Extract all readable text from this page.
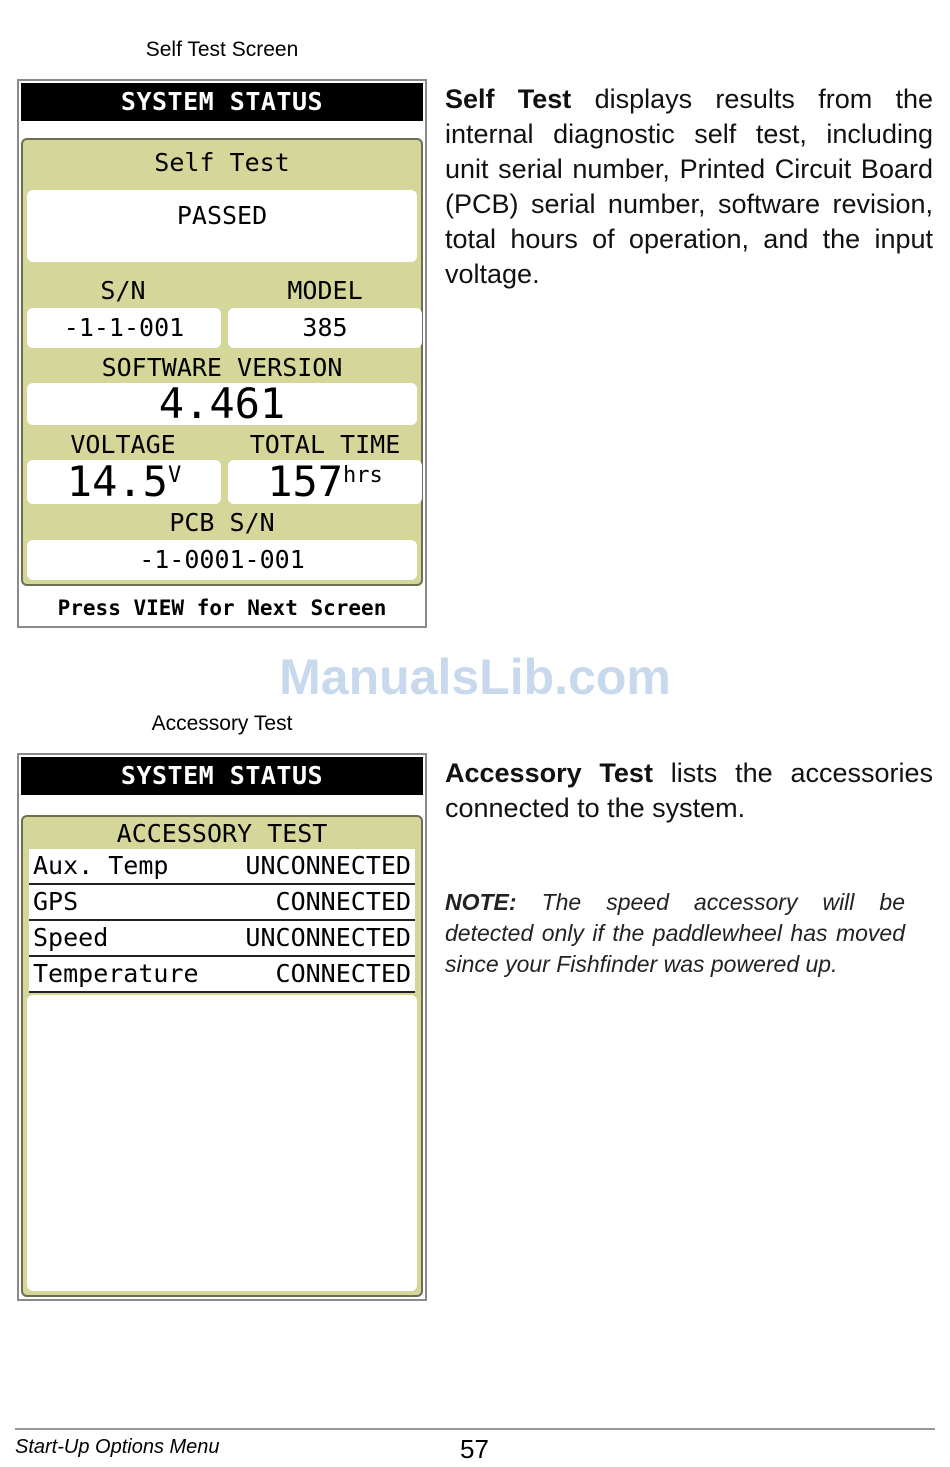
Self Test Screen
SYSTEM STATUS
Self Test
PASSED
S/N	MODEL
-1-1-001	385
SOFTWARE VERSION
4.461
VOLTAGE	TOTAL TIME
14.5V	157hrs
PCB S/N
-1-0001-001
Press VIEW for Next Screen
Self Test displays results from the internal diagnostic self test, including unit serial number, Printed Circuit Board (PCB) serial number, software revision, total hours of operation, and the input voltage.
ManualsLib.com
Accessory Test
SYSTEM STATUS
ACCESSORY TEST
Aux. Temp	UNCONNECTED
GPS	CONNECTED
Speed	UNCONNECTED
Temperature	CONNECTED
Accessory Test lists the accessories connected to the system.
NOTE: The speed accessory will be detected only if the paddlewheel has moved since your Fishfinder was powered up.
Start-Up Options Menu	57
